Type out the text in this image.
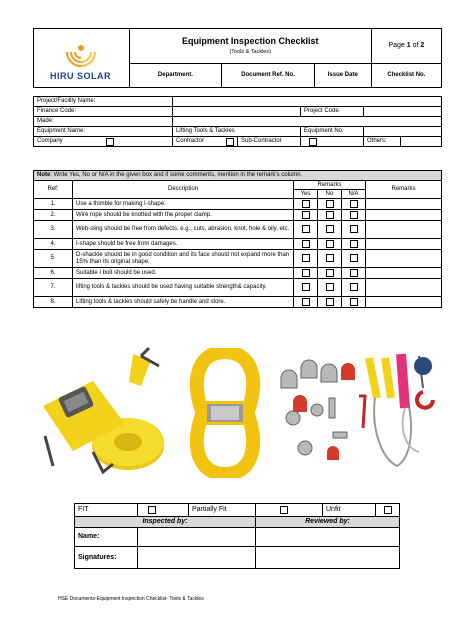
HIRU SOLAR	Equipment Inspection Checklist
(Tools & Tackles)			Page 1 of 2
	Department.	Document Ref. No.	Issue Date	Checklist No.
Project/Facility Name:					
Finance Code:			Project Code:		
Made:					
Equipment Name:	Lifting Tools & Tackles		Equipment No.		
Company	Contractor	Sub-Contractor		Others:	
Note: Write Yes, No or N/A in the given box and if some comments, mention in the remark’s column.					
Ref:	Description	Remarks			Remarks
		Yes	No	N/A	
1.	Use a thimble for making I-shape.				
2.	Wire rope should be knotted with the proper clamp.				
3.	Web-sling should be free from defects, e.g., cuts, abrasion, knot, hole & oily, etc.				
4.	I-shape should be free from damages.				
5.	D-shackle should be in good condition and its face should not expand more than 15% than its original shape.				
6.	Suitable I bolt should be used.				
7.	lifting tools & tackles should be used having suitable strength& capacity.				
8.	Lifting tools & tackles should safely be handle and store.				
FIT		Partially Fit		Unfit	

Inspected by:			Reviewed by:		
Name:					
Signatures:					
HSE Documents-Equipment Inspection Checklist- Tools & Tackles
